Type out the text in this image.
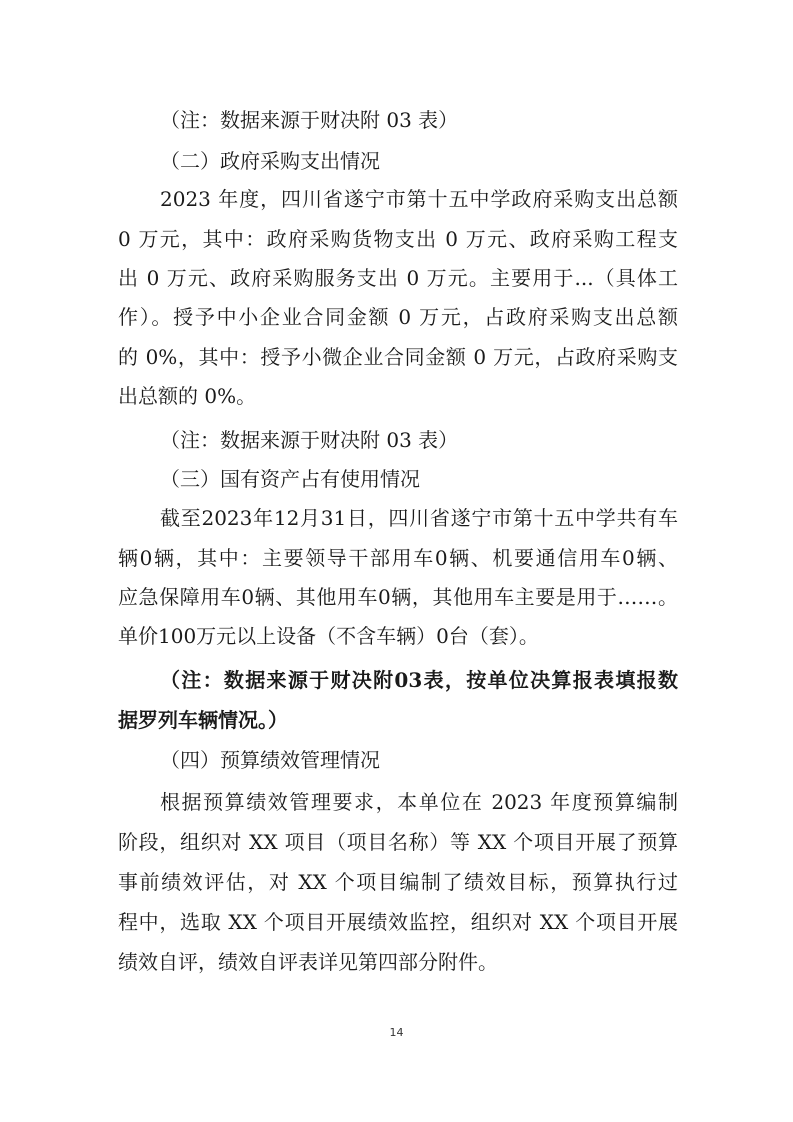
（注：数据来源于财决附 03 表）
（二）政府采购支出情况
2023 年度，四川省遂宁市第十五中学政府采购支出总额
0 万元，其中：政府采购货物支出 0 万元、政府采购工程支
出 0 万元、政府采购服务支出 0 万元。主要用于...（具体工
作）。授予中小企业合同金额 0 万元，占政府采购支出总额
的 0%，其中：授予小微企业合同金额 0 万元，占政府采购支
出总额的 0%。
（注：数据来源于财决附 03 表）
（三）国有资产占有使用情况
截至2023年12月31日，四川省遂宁市第十五中学共有车
辆0辆，其中：主要领导干部用车0辆、机要通信用车0辆、
应急保障用车0辆、其他用车0辆，其他用车主要是用于……。
单价100万元以上设备（不含车辆）0台（套）。
（注：数据来源于财决附03表，按单位决算报表填报数
据罗列车辆情况。）
（四）预算绩效管理情况
根据预算绩效管理要求，本单位在 2023 年度预算编制
阶段，组织对 XX 项目（项目名称）等 XX 个项目开展了预算
事前绩效评估，对 XX 个项目编制了绩效目标，预算执行过
程中，选取 XX 个项目开展绩效监控，组织对 XX 个项目开展
绩效自评，绩效自评表详见第四部分附件。
14
